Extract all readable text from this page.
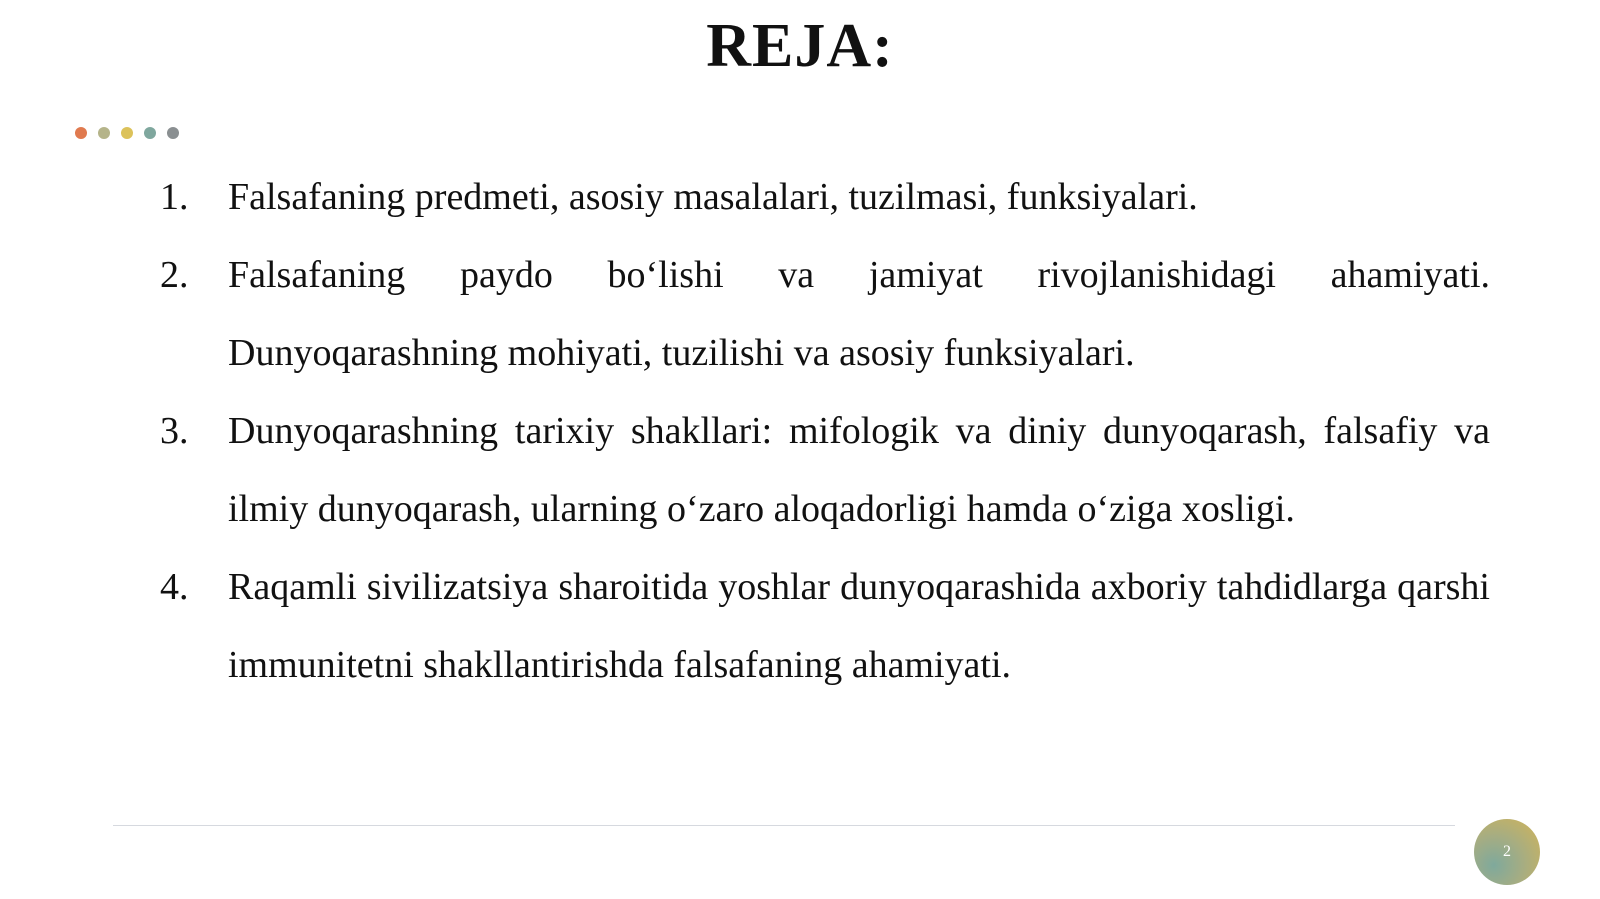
REJA:
1.	Falsafaning predmeti, asosiy masalalari, tuzilmasi, funksiyalari.
2.	Falsafaning paydo bo‘lishi va jamiyat rivojlanishidagi ahamiyati. Dunyoqarashning mohiyati, tuzilishi va asosiy funksiyalari.
3.	Dunyoqarashning tarixiy shakllari: mifologik va diniy dunyoqarash, falsafiy va ilmiy dunyoqarash, ularning o‘zaro aloqadorligi hamda o‘ziga xosligi.
4.	Raqamli sivilizatsiya sharoitida yoshlar dunyoqarashida axboriy tahdidlarga qarshi immunitetni shakllantirishda falsafaning ahamiyati.
2
